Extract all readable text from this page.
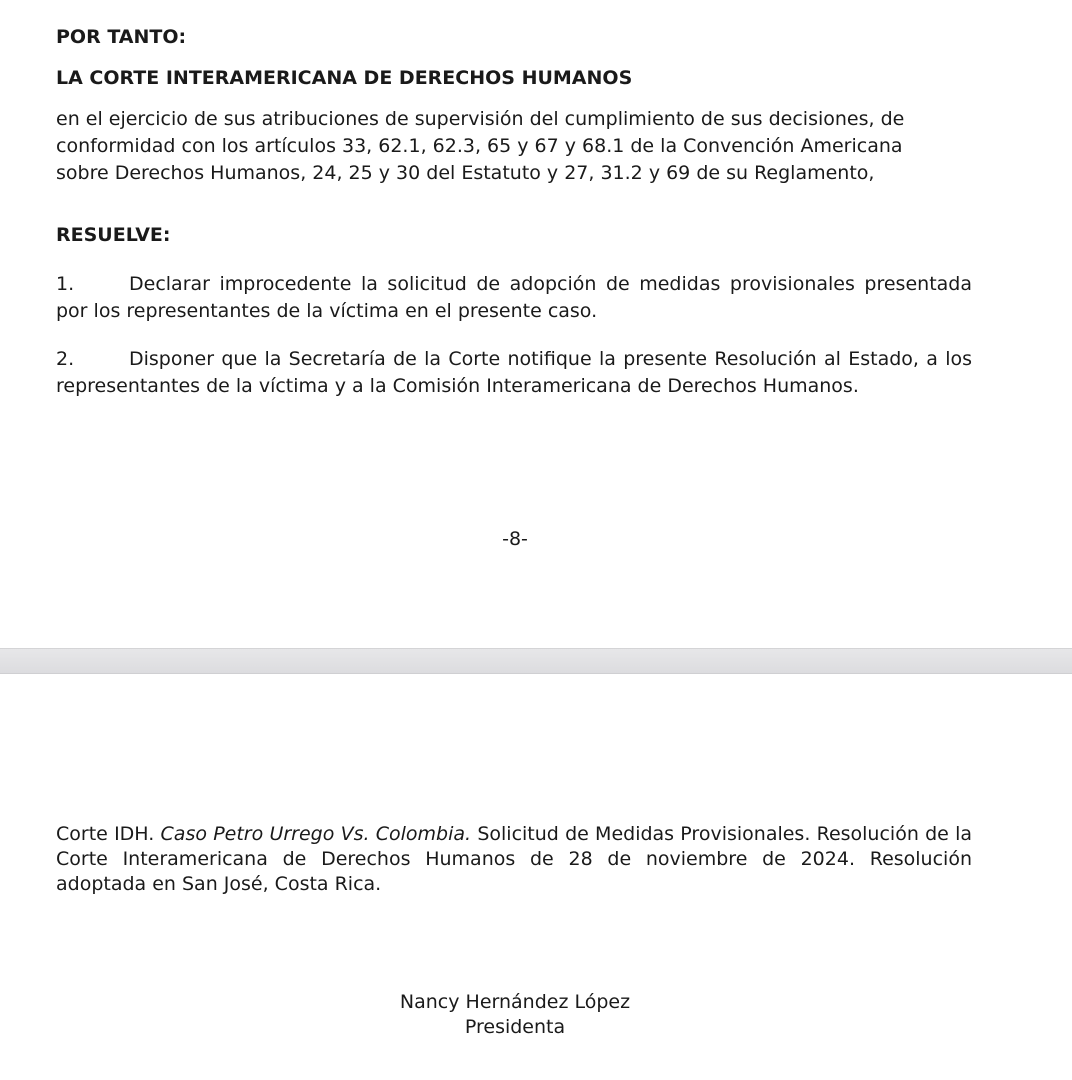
POR TANTO:

LA CORTE INTERAMERICANA DE DERECHOS HUMANOS

en el ejercicio de sus atribuciones de supervisión del cumplimiento de sus decisiones, de
conformidad con los artículos 33, 62.1, 62.3, 65 y 67 y 68.1 de la Convención Americana
sobre Derechos Humanos, 24, 25 y 30 del Estatuto y 27, 31.2 y 69 de su Reglamento,

RESUELVE:

1.	Declarar improcedente la solicitud de adopción de medidas provisionales presentada por los representantes de la víctima en el presente caso.

2.	Disponer que la Secretaría de la Corte notifique la presente Resolución al Estado, a los representantes de la víctima y a la Comisión Interamericana de Derechos Humanos.

-8-

Corte IDH. Caso Petro Urrego Vs. Colombia. Solicitud de Medidas Provisionales. Resolución de la Corte Interamericana de Derechos Humanos de 28 de noviembre de 2024. Resolución adoptada en San José, Costa Rica.

Nancy Hernández López
Presidenta
